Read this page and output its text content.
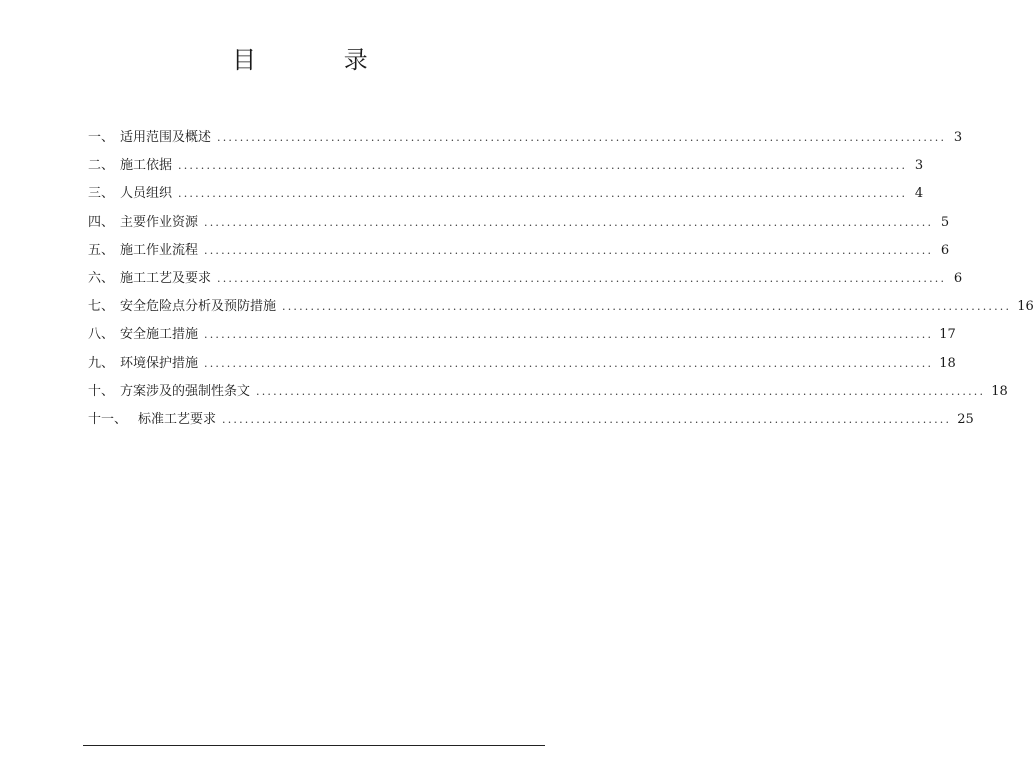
目 录
一、 适用范围及概述 ................................................................................................................................ 3
二、 施工依据 ................................................................................................................................ 3
三、 人员组织 ................................................................................................................................ 4
四、 主要作业资源 ................................................................................................................................ 5
五、 施工作业流程 ................................................................................................................................ 6
六、 施工工艺及要求 ................................................................................................................................ 6
七、 安全危险点分析及预防措施 ................................................................................................................................ 16
八、 安全施工措施 ................................................................................................................................ 17
九、 环境保护措施 ................................................................................................................................ 18
十、 方案涉及的强制性条文 ................................................................................................................................ 18
十一、 标准工艺要求 ................................................................................................................................ 25
